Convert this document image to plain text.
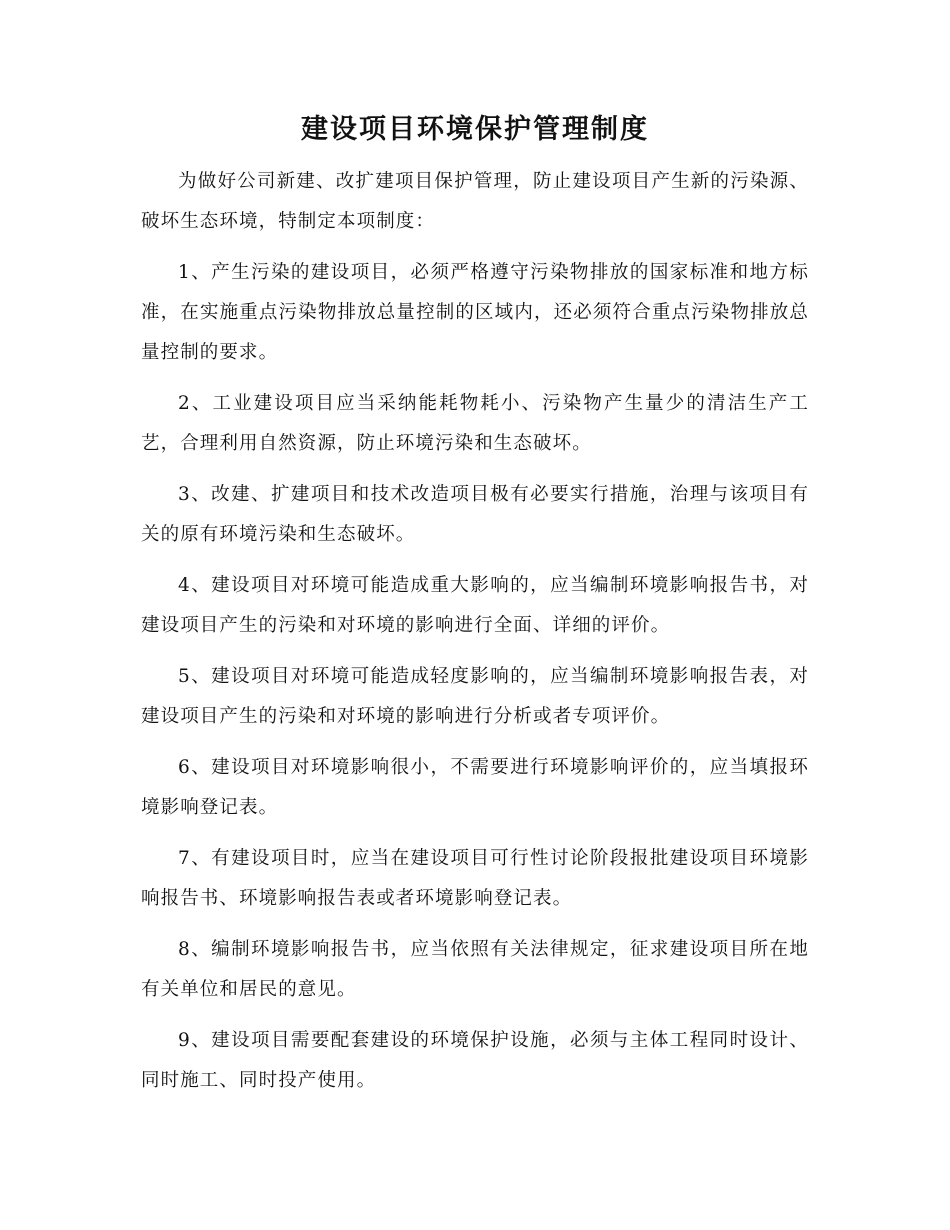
建设项目环境保护管理制度

为做好公司新建、改扩建项目保护管理，防止建设项目产生新的污染源、破坏生态环境，特制定本项制度：

1、产生污染的建设项目，必须严格遵守污染物排放的国家标准和地方标准，在实施重点污染物排放总量控制的区域内，还必须符合重点污染物排放总量控制的要求。

2、工业建设项目应当采纳能耗物耗小、污染物产生量少的清洁生产工艺，合理利用自然资源，防止环境污染和生态破坏。

3、改建、扩建项目和技术改造项目极有必要实行措施，治理与该项目有关的原有环境污染和生态破坏。

4、建设项目对环境可能造成重大影响的，应当编制环境影响报告书，对建设项目产生的污染和对环境的影响进行全面、详细的评价。

5、建设项目对环境可能造成轻度影响的，应当编制环境影响报告表，对建设项目产生的污染和对环境的影响进行分析或者专项评价。

6、建设项目对环境影响很小，不需要进行环境影响评价的，应当填报环境影响登记表。

7、有建设项目时，应当在建设项目可行性讨论阶段报批建设项目环境影响报告书、环境影响报告表或者环境影响登记表。

8、编制环境影响报告书，应当依照有关法律规定，征求建设项目所在地有关单位和居民的意见。

9、建设项目需要配套建设的环境保护设施，必须与主体工程同时设计、同时施工、同时投产使用。
